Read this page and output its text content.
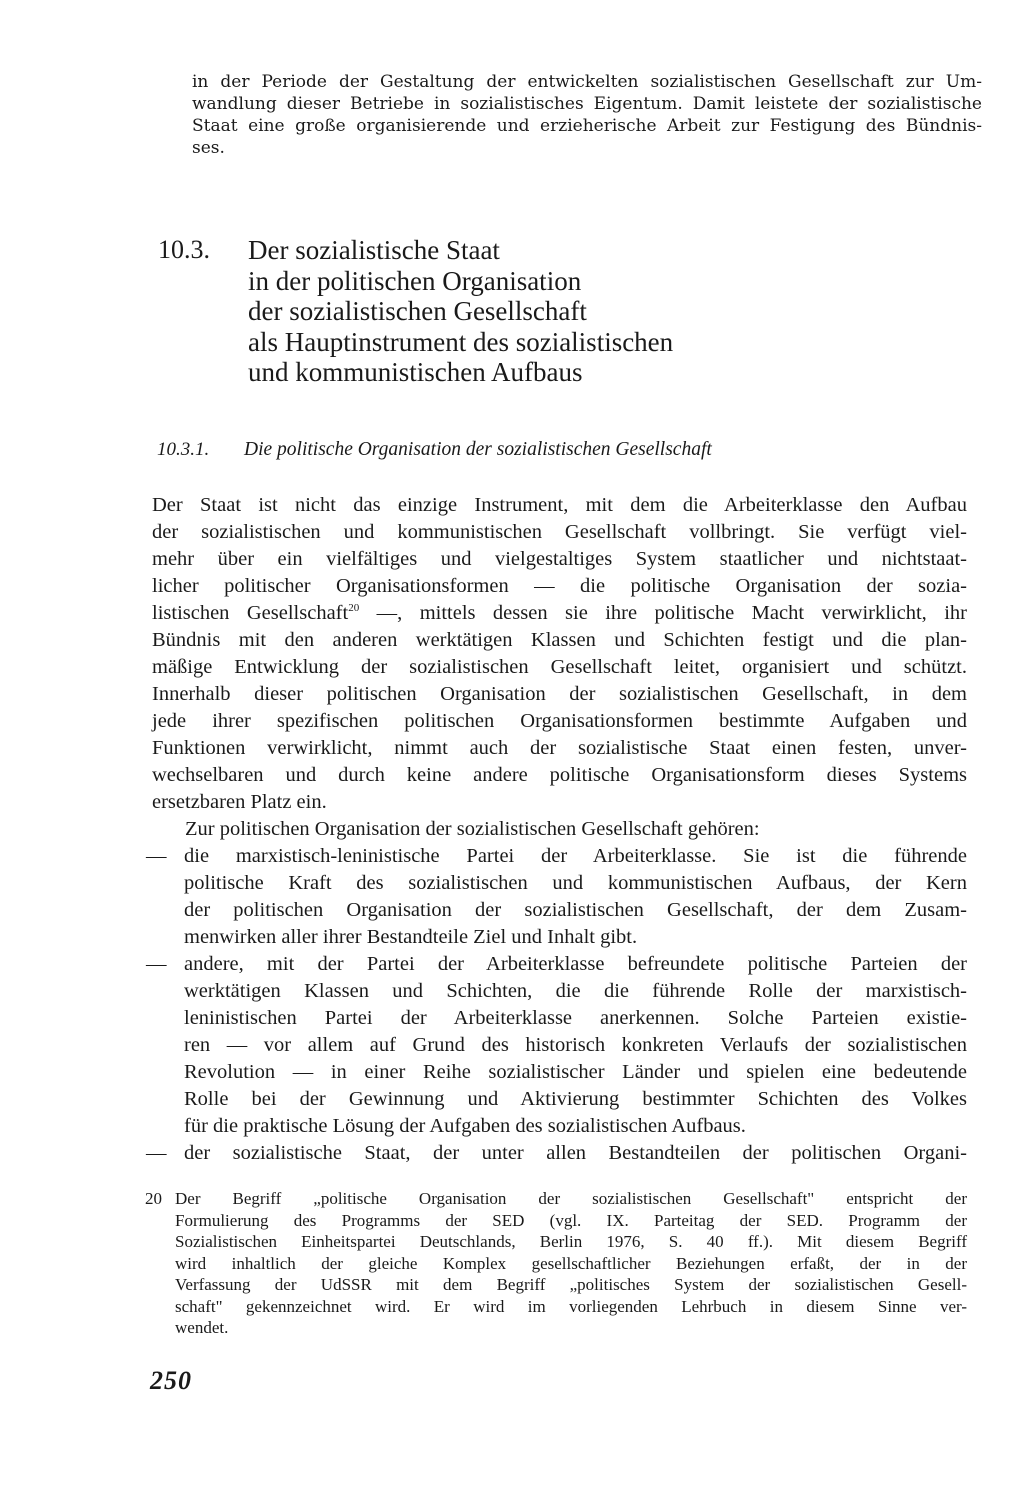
in der Periode der Gestaltung der entwickelten sozialistischen Gesellschaft zur Um-
wandlung dieser Betriebe in sozialistisches Eigentum. Damit leistete der sozialistische
Staat eine große organisierende und erzieherische Arbeit zur Festigung des Bündnis-
ses.
10.3. Der sozialistische Staat
in der politischen Organisation
der sozialistischen Gesellschaft
als Hauptinstrument des sozialistischen
und kommunistischen Aufbaus
10.3.1. Die politische Organisation der sozialistischen Gesellschaft
Der Staat ist nicht das einzige Instrument, mit dem die Arbeiterklasse den Aufbau
der sozialistischen und kommunistischen Gesellschaft vollbringt. Sie verfügt viel-
mehr über ein vielfältiges und vielgestaltiges System staatlicher und nichtstaat-
licher politischer Organisationsformen — die politische Organisation der sozia-
listischen Gesellschaft$^{20}$ —, mittels dessen sie ihre politische Macht verwirklicht, ihr
Bündnis mit den anderen werktätigen Klassen und Schichten festigt und die plan-
mäßige Entwicklung der sozialistischen Gesellschaft leitet, organisiert und schützt.
Innerhalb dieser politischen Organisation der sozialistischen Gesellschaft, in dem
jede ihrer spezifischen politischen Organisationsformen bestimmte Aufgaben und
Funktionen verwirklicht, nimmt auch der sozialistische Staat einen festen, unver-
wechselbaren und durch keine andere politische Organisationsform dieses Systems
ersetzbaren Platz ein.
Zur politischen Organisation der sozialistischen Gesellschaft gehören:
— die marxistisch-leninistische Partei der Arbeiterklasse. Sie ist die führende
politische Kraft des sozialistischen und kommunistischen Aufbaus, der Kern
der politischen Organisation der sozialistischen Gesellschaft, der dem Zusam-
menwirken aller ihrer Bestandteile Ziel und Inhalt gibt.
— andere, mit der Partei der Arbeiterklasse befreundete politische Parteien der
werktätigen Klassen und Schichten, die die führende Rolle der marxistisch-
leninistischen Partei der Arbeiterklasse anerkennen. Solche Parteien existie-
ren — vor allem auf Grund des historisch konkreten Verlaufs der sozialistischen
Revolution — in einer Reihe sozialistischer Länder und spielen eine bedeutende
Rolle bei der Gewinnung und Aktivierung bestimmter Schichten des Volkes
für die praktische Lösung der Aufgaben des sozialistischen Aufbaus.
— der sozialistische Staat, der unter allen Bestandteilen der politischen Organi-
20 Der Begriff „politische Organisation der sozialistischen Gesellschaft" entspricht der
Formulierung des Programms der SED (vgl. IX. Parteitag der SED. Programm der
Sozialistischen Einheitspartei Deutschlands, Berlin 1976, S. 40 ff.). Mit diesem Begriff
wird inhaltlich der gleiche Komplex gesellschaftlicher Beziehungen erfaßt, der in der
Verfassung der UdSSR mit dem Begriff „politisches System der sozialistischen Gesell-
schaft" gekennzeichnet wird. Er wird im vorliegenden Lehrbuch in diesem Sinne ver-
wendet.
250
